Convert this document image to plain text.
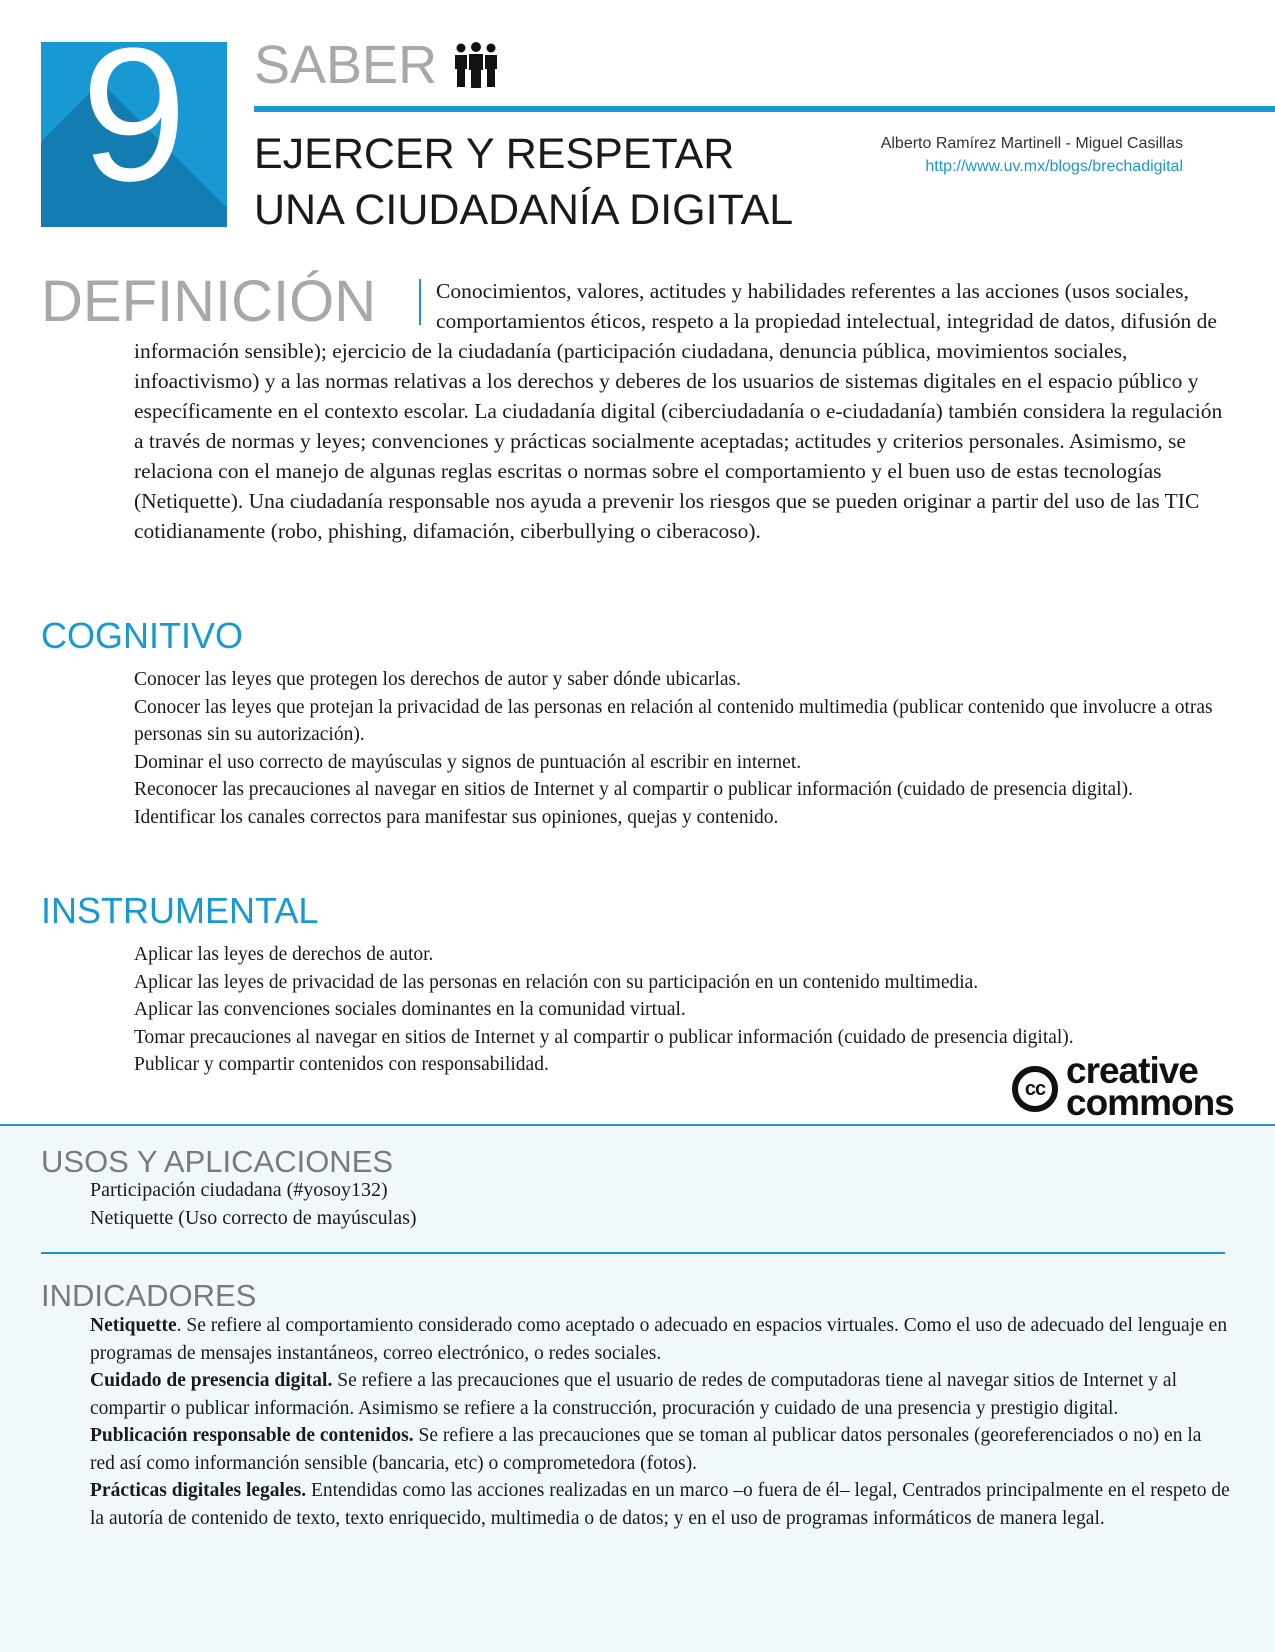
9	SABER
EJERCER Y RESPETAR
UNA CIUDADANÍA DIGITAL
Alberto Ramírez Martinell - Miguel Casillas
http://www.uv.mx/blogs/brechadigital
DEFINICIÓN	Conocimientos, valores, actitudes y habilidades referentes a las acciones (usos sociales, comportamientos éticos, respeto a la propiedad intelectual, integridad de datos, difusión de información sensible); ejercicio de la ciudadanía (participación ciudadana, denuncia pública, movimientos sociales, infoactivismo) y a las normas relativas a los derechos y deberes de los usuarios de sistemas digitales en el espacio público y específicamente en el contexto escolar. La ciudadanía digital (ciberciudadanía o e-ciudadanía) también considera la regulación a través de normas y leyes; convenciones y prácticas socialmente aceptadas; actitudes y criterios personales. Asimismo, se relaciona con el manejo de algunas reglas escritas o normas sobre el comportamiento y el buen uso de estas tecnologías (Netiquette). Una ciudadanía responsable nos ayuda a prevenir los riesgos que se pueden originar a partir del uso de las TIC cotidianamente (robo, phishing, difamación, ciberbullying o ciberacoso).

COGNITIVO
Conocer las leyes que protegen los derechos de autor y saber dónde ubicarlas.
Conocer las leyes que protejan la privacidad de las personas en relación al contenido multimedia (publicar contenido que involucre a otras personas sin su autorización).
Dominar el uso correcto de mayúsculas y signos de puntuación al escribir en internet.
Reconocer las precauciones al navegar en sitios de Internet y al compartir o publicar información (cuidado de presencia digital).
Identificar los canales correctos para manifestar sus opiniones, quejas y contenido.
INSTRUMENTAL
Aplicar las leyes de derechos de autor.
Aplicar las leyes de privacidad de las personas en relación con su participación en un contenido multimedia.
Aplicar las convenciones sociales dominantes en la comunidad virtual.
Tomar precauciones al navegar en sitios de Internet y al compartir o publicar información (cuidado de presencia digital).
Publicar y compartir contenidos con responsabilidad.
cc creative
commons
USOS Y APLICACIONES
Participación ciudadana (#yosoy132)
Netiquette (Uso correcto de mayúsculas)
INDICADORES
Netiquette. Se refiere al comportamiento considerado como aceptado o adecuado en espacios virtuales. Como el uso de adecuado del lenguaje en programas de mensajes instantáneos, correo electrónico, o redes sociales.
Cuidado de presencia digital. Se refiere a las precauciones que el usuario de redes de computadoras tiene al navegar sitios de Internet y al compartir o publicar información. Asimismo se refiere a la construcción, procuración y cuidado de una presencia y prestigio digital.
Publicación responsable de contenidos. Se refiere a las precauciones que se toman al publicar datos personales (georeferenciados o no) en la red así como informanción sensible (bancaria, etc) o comprometedora (fotos).
Prácticas digitales legales. Entendidas como las acciones realizadas en un marco –o fuera de él– legal, Centrados principalmente en el respeto de la autoría de contenido de texto, texto enriquecido, multimedia o de datos; y en el uso de programas informáticos de manera legal.
